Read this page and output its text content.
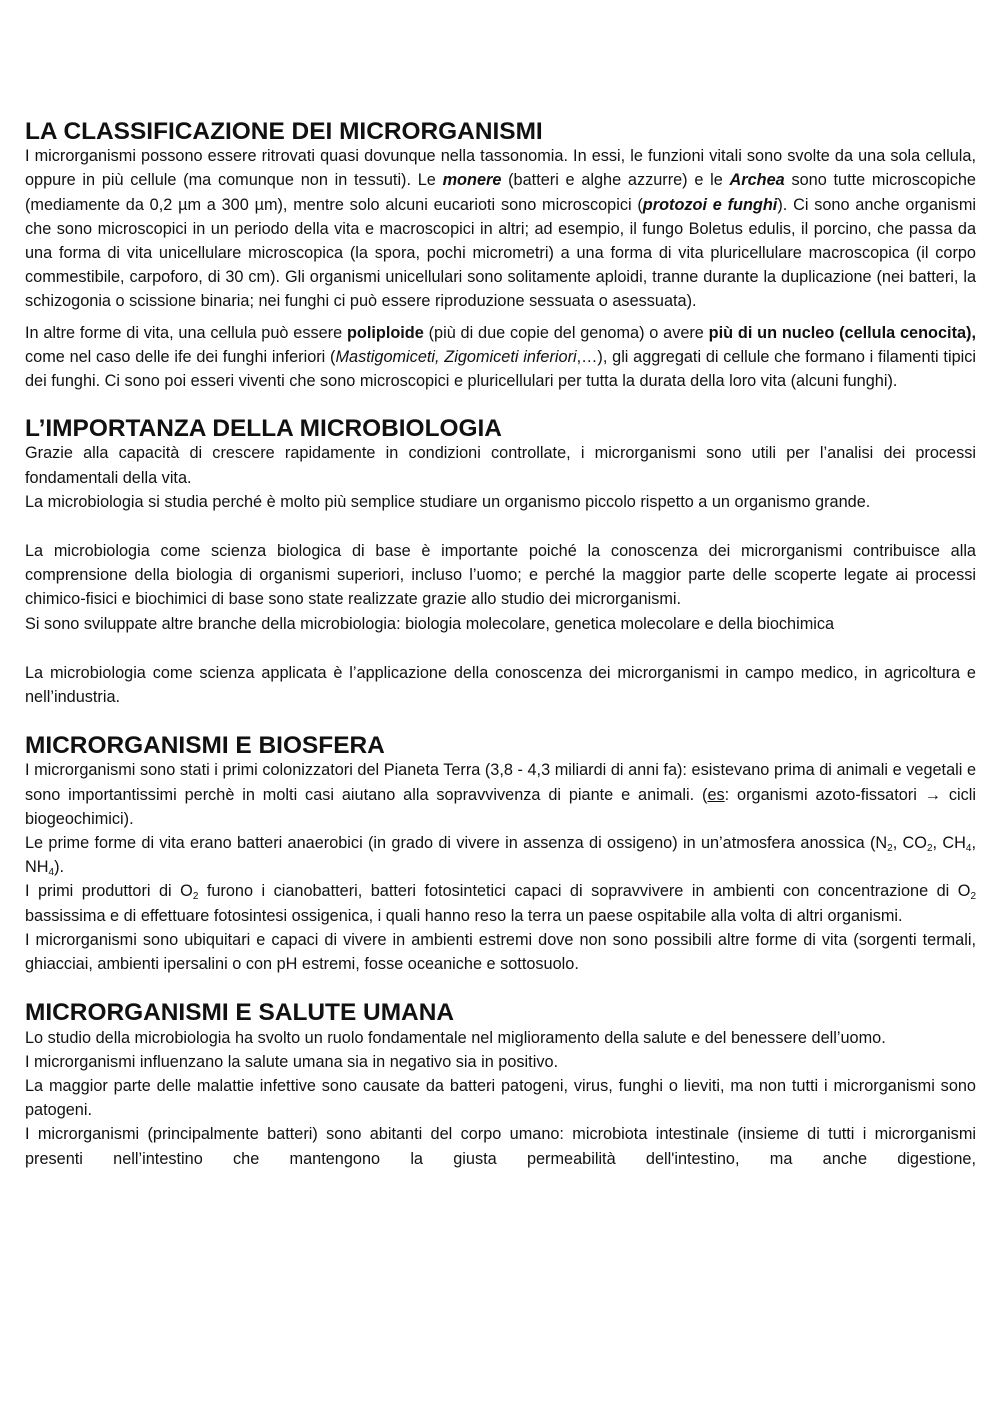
LA CLASSIFICAZIONE DEI MICRORGANISMI

I microrganismi possono essere ritrovati quasi dovunque nella tassonomia. In essi, le funzioni vitali sono svolte da una sola cellula, oppure in più cellule (ma comunque non in tessuti). Le monere (batteri e alghe azzurre) e le Archea sono tutte microscopiche (mediamente da 0,2 µm a 300 µm), mentre solo alcuni eucarioti sono microscopici (protozoi e funghi). Ci sono anche organismi che sono microscopici in un periodo della vita e macroscopici in altri; ad esempio, il fungo Boletus edulis, il porcino, che passa da una forma di vita unicellulare microscopica (la spora, pochi micrometri) a una forma di vita pluricellulare macroscopica (il corpo commestibile, carpoforo, di 30 cm). Gli organismi unicellulari sono solitamente aploidi, tranne durante la duplicazione (nei batteri, la schizogonia o scissione binaria; nei funghi ci può essere riproduzione sessuata o asessuata).

In altre forme di vita, una cellula può essere poliploide (più di due copie del genoma) o avere più di un nucleo (cellula cenocita), come nel caso delle ife dei funghi inferiori (Mastigomiceti, Zigomiceti inferiori,…), gli aggregati di cellule che formano i filamenti tipici dei funghi. Ci sono poi esseri viventi che sono microscopici e pluricellulari per tutta la durata della loro vita (alcuni funghi).

L’IMPORTANZA DELLA MICROBIOLOGIA

Grazie alla capacità di crescere rapidamente in condizioni controllate, i microrganismi sono utili per l’analisi dei processi fondamentali della vita.

La microbiologia si studia perché è molto più semplice studiare un organismo piccolo rispetto a un organismo grande.

La microbiologia come scienza biologica di base è importante poiché la conoscenza dei microrganismi contribuisce alla comprensione della biologia di organismi superiori, incluso l’uomo; e perché la maggior parte delle scoperte legate ai processi chimico-fisici e biochimici di base sono state realizzate grazie allo studio dei microrganismi.

Si sono sviluppate altre branche della microbiologia: biologia molecolare, genetica molecolare e della biochimica

La microbiologia come scienza applicata è l’applicazione della conoscenza dei microrganismi in campo medico, in agricoltura e nell’industria.

MICRORGANISMI E BIOSFERA

I microrganismi sono stati i primi colonizzatori del Pianeta Terra (3,8 - 4,3 miliardi di anni fa): esistevano prima di animali e vegetali e sono importantissimi perchè in molti casi aiutano alla sopravvivenza di piante e animali. (es: organismi azoto-fissatori → cicli biogeochimici).

Le prime forme di vita erano batteri anaerobici (in grado di vivere in assenza di ossigeno) in un’atmosfera anossica ($N_2$, $CO_2$, $CH_4$, $NH_4$).

I primi produttori di $O_2$ furono i cianobatteri, batteri fotosintetici capaci di sopravvivere in ambienti con concentrazione di $O_2$ bassissima e di effettuare fotosintesi ossigenica, i quali hanno reso la terra un paese ospitabile alla volta di altri organismi.

I microrganismi sono ubiquitari e capaci di vivere in ambienti estremi dove non sono possibili altre forme di vita (sorgenti termali, ghiacciai, ambienti ipersalini o con pH estremi, fosse oceaniche e sottosuolo.

MICRORGANISMI E SALUTE UMANA

Lo studio della microbiologia ha svolto un ruolo fondamentale nel miglioramento della salute e del benessere dell’uomo.

I microrganismi influenzano la salute umana sia in negativo sia in positivo.

La maggior parte delle malattie infettive sono causate da batteri patogeni, virus, funghi o lieviti, ma non tutti i microrganismi sono patogeni.

I microrganismi (principalmente batteri) sono abitanti del corpo umano: microbiota intestinale (insieme di tutti i microrganismi presenti nell’intestino che mantengono la giusta permeabilità dell'intestino, ma anche digestione,
